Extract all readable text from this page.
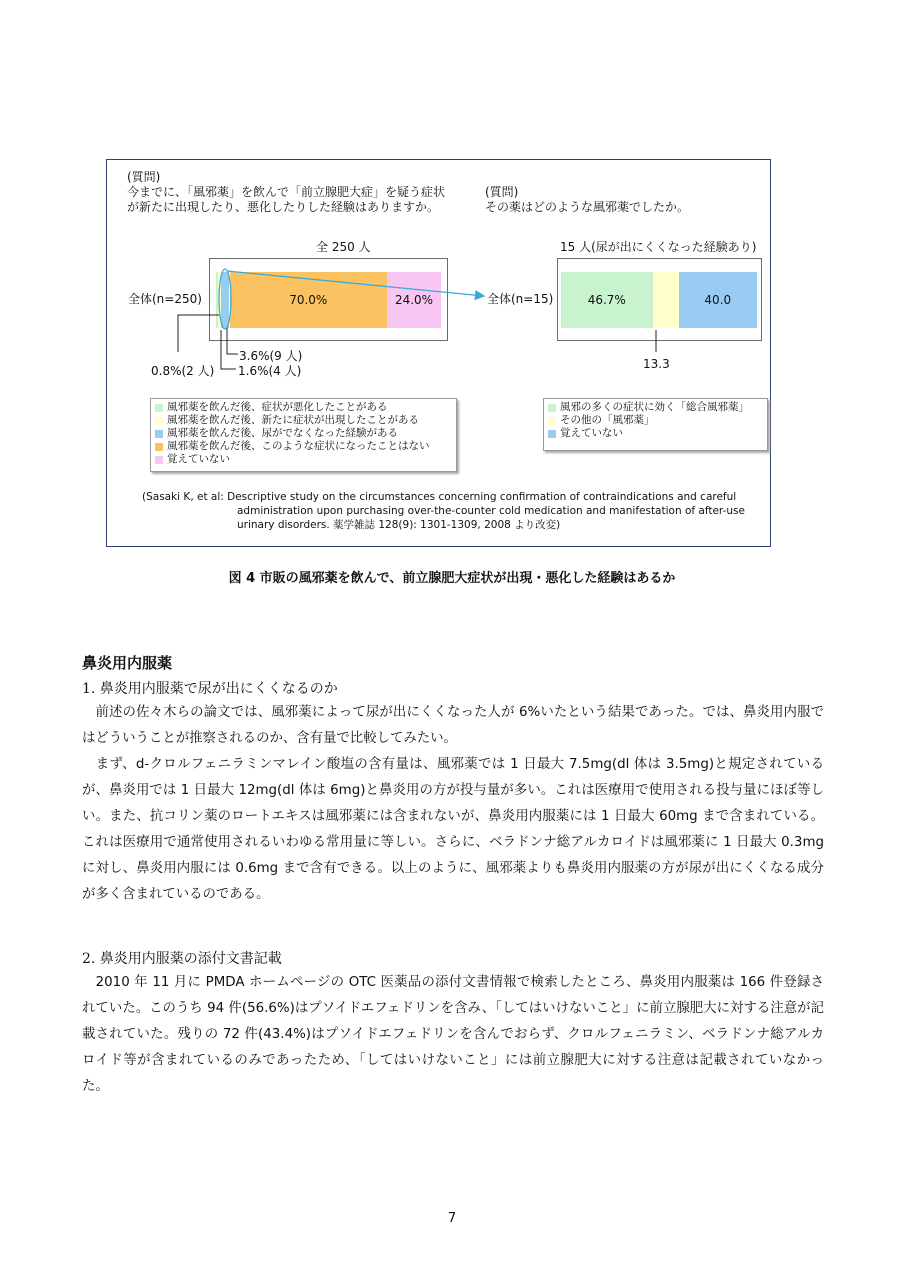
(質問)
今までに、「風邪薬」を飲んで「前立腺肥大症」を疑う症状
が新たに出現したり、悪化したりした経験はありますか。
(質問)
その薬はどのような風邪薬でしたか。
全 250 人	15 人(尿が出にくくなった経験あり)
全体(n=250)	全体(n=15)
70.0%	24.0%	46.7%	40.0
3.6%(9 人)
0.8%(2 人) 1.6%(4 人)	13.3
風邪薬を飲んだ後、症状が悪化したことがある
風邪薬を飲んだ後、新たに症状が出現したことがある
風邪薬を飲んだ後、尿がでなくなった経験がある
風邪薬を飲んだ後、このような症状になったことはない
覚えていない
風邪の多くの症状に効く「総合風邪薬」
その他の「風邪薬」
覚えていない
(Sasaki K, et al: Descriptive study on the circumstances concerning confirmation of contraindications and careful
administration upon purchasing over-the-counter cold medication and manifestation of after-use
urinary disorders. 薬学雑誌 128(9): 1301-1309, 2008 より改変)
図 4 市販の風邪薬を飲んで、前立腺肥大症状が出現・悪化した経験はあるか
鼻炎用内服薬
1. 鼻炎用内服薬で尿が出にくくなるのか
　前述の佐々木らの論文では、風邪薬によって尿が出にくくなった人が 6%いたという結果であった。では、鼻炎用内服ではどういうことが推察されるのか、含有量で比較してみたい。
　まず、d-クロルフェニラミンマレイン酸塩の含有量は、風邪薬では 1 日最大 7.5mg(dl 体は 3.5mg)と規定されているが、鼻炎用では 1 日最大 12mg(dl 体は 6mg)と鼻炎用の方が投与量が多い。これは医療用で使用される投与量にほぼ等しい。また、抗コリン薬のロートエキスは風邪薬には含まれないが、鼻炎用内服薬には 1 日最大 60mg まで含まれている。これは医療用で通常使用されるいわゆる常用量に等しい。さらに、ベラドンナ総アルカロイドは風邪薬に 1 日最大 0.3mg に対し、鼻炎用内服には 0.6mg まで含有できる。以上のように、風邪薬よりも鼻炎用内服薬の方が尿が出にくくなる成分が多く含まれているのである。
2. 鼻炎用内服薬の添付文書記載
　2010 年 11 月に PMDA ホームページの OTC 医薬品の添付文書情報で検索したところ、鼻炎用内服薬は 166 件登録されていた。このうち 94 件(56.6%)はプソイドエフェドリンを含み、「してはいけないこと」に前立腺肥大に対する注意が記載されていた。残りの 72 件(43.4%)はプソイドエフェドリンを含んでおらず、クロルフェニラミン、ベラドンナ総アルカロイド等が含まれているのみであったため、「してはいけないこと」には前立腺肥大に対する注意は記載されていなかった。
7
